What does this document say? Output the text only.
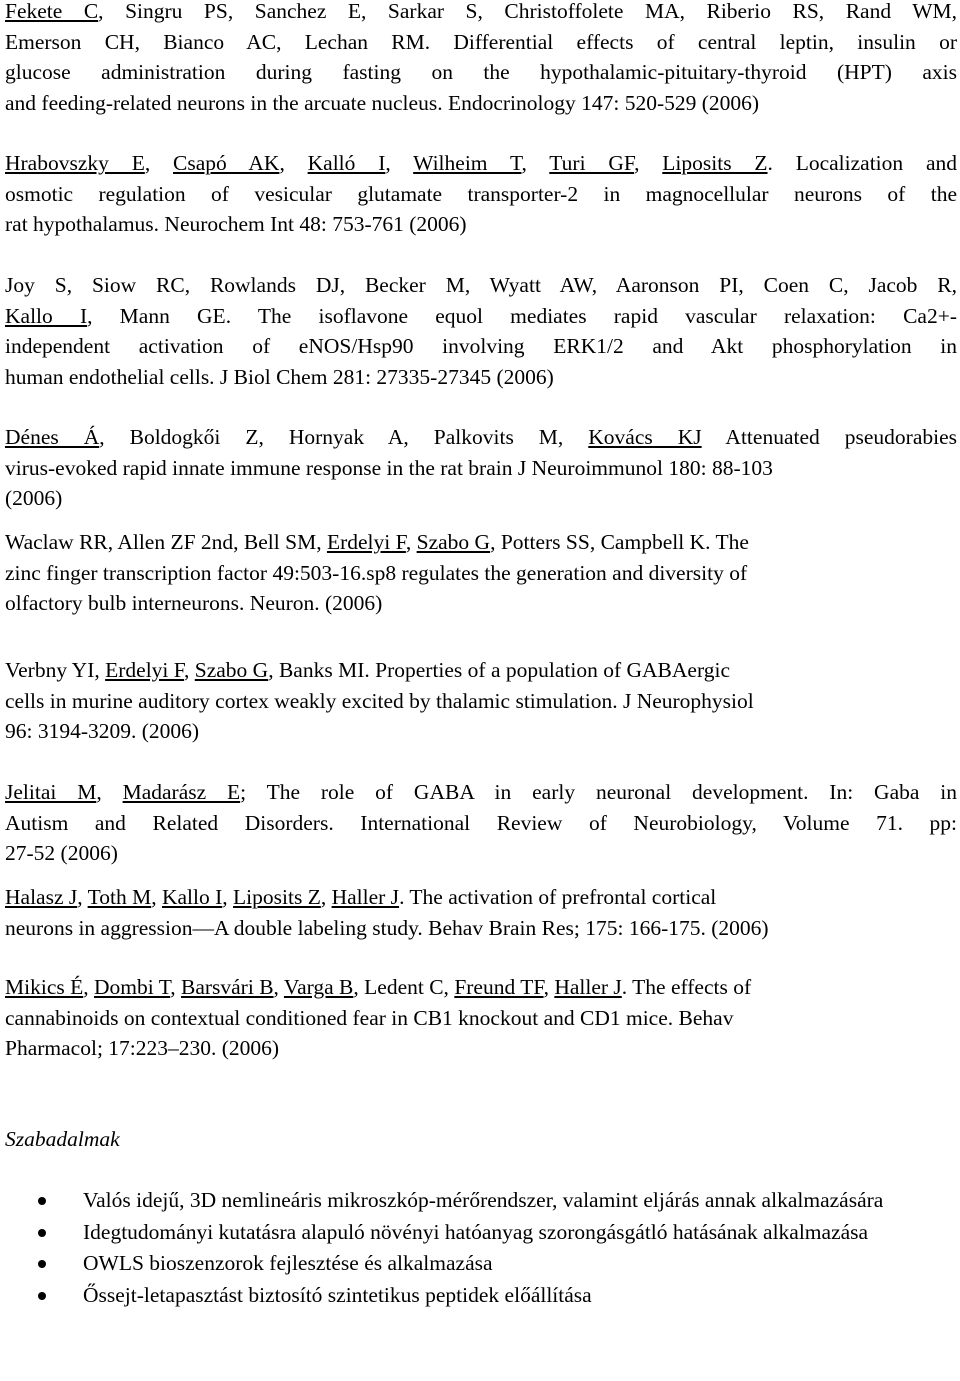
Fekete C, Singru PS, Sanchez E, Sarkar S, Christoffolete MA, Riberio RS, Rand WM,
Emerson CH, Bianco AC, Lechan RM. Differential effects of central leptin, insulin or
glucose administration during fasting on the hypothalamic-pituitary-thyroid (HPT) axis
and feeding-related neurons in the arcuate nucleus. Endocrinology 147: 520-529 (2006)

Hrabovszky E, Csapó AK, Kalló I, Wilheim T, Turi GF, Liposits Z. Localization and
osmotic regulation of vesicular glutamate transporter-2 in magnocellular neurons of the
rat hypothalamus. Neurochem Int 48: 753-761 (2006)

Joy S, Siow RC, Rowlands DJ, Becker M, Wyatt AW, Aaronson PI, Coen C, Jacob R,
Kallo I, Mann GE. The isoflavone equol mediates rapid vascular relaxation: Ca2+-
independent activation of eNOS/Hsp90 involving ERK1/2 and Akt phosphorylation in
human endothelial cells. J Biol Chem 281: 27335-27345 (2006)

Dénes Á, Boldogkői Z, Hornyak A, Palkovits M, Kovács KJ Attenuated pseudorabies
virus-evoked rapid innate immune response in the rat brain J Neuroimmunol 180: 88-103
(2006)

Waclaw RR, Allen ZF 2nd, Bell SM, Erdelyi F, Szabo G, Potters SS, Campbell K. The
zinc finger transcription factor 49:503-16.sp8 regulates the generation and diversity of
olfactory bulb interneurons. Neuron. (2006)

Verbny YI, Erdelyi F, Szabo G, Banks MI. Properties of a population of GABAergic
cells in murine auditory cortex weakly excited by thalamic stimulation. J Neurophysiol
96: 3194-3209. (2006)

Jelitai M, Madarász E; The role of GABA in early neuronal development. In: Gaba in
Autism and Related Disorders. International Review of Neurobiology, Volume 71. pp:
27-52 (2006)

Halasz J, Toth M, Kallo I, Liposits Z, Haller J. The activation of prefrontal cortical
neurons in aggression—A double labeling study. Behav Brain Res; 175: 166-175. (2006)

Mikics É, Dombi T, Barsvári B, Varga B, Ledent C, Freund TF, Haller J. The effects of
cannabinoids on contextual conditioned fear in CB1 knockout and CD1 mice. Behav
Pharmacol; 17:223–230. (2006)

Szabadalmak

Valós idejű, 3D nemlineáris mikroszkóp-mérőrendszer, valamint eljárás annak alkalmazására
Idegtudományi kutatásra alapuló növényi hatóanyag szorongásgátló hatásának alkalmazása
OWLS bioszenzorok fejlesztése és alkalmazása
Őssejt-letapasztást biztosító szintetikus peptidek előállítása
